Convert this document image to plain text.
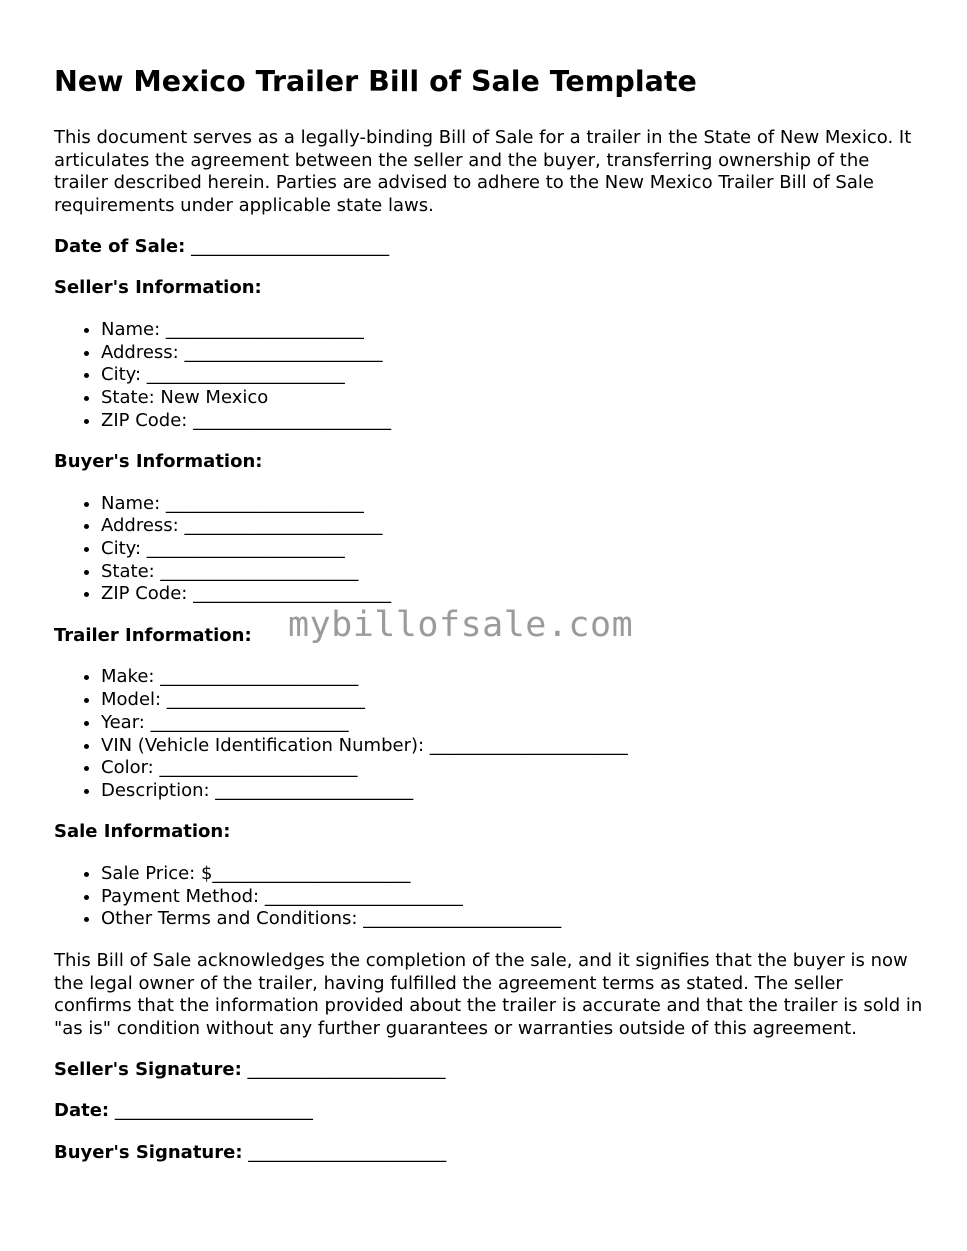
New Mexico Trailer Bill of Sale Template

This document serves as a legally-binding Bill of Sale for a trailer in the State of New Mexico. It articulates the agreement between the seller and the buyer, transferring ownership of the trailer described herein. Parties are advised to adhere to the New Mexico Trailer Bill of Sale requirements under applicable state laws.

Date of Sale: ______________________
Seller's Information:
• Name: ______________________
• Address: ______________________
• City: ______________________
• State: New Mexico
• ZIP Code: ______________________
Buyer's Information:
• Name: ______________________
• Address: ______________________
• City: ______________________
• State: ______________________
• ZIP Code: ______________________
Trailer Information:
• Make: ______________________
• Model: ______________________
• Year: ______________________
• VIN (Vehicle Identification Number): ______________________
• Color: ______________________
• Description: ______________________
Sale Information:
• Sale Price: $______________________
• Payment Method: ______________________
• Other Terms and Conditions: ______________________

This Bill of Sale acknowledges the completion of the sale, and it signifies that the buyer is now the legal owner of the trailer, having fulfilled the agreement terms as stated. The seller confirms that the information provided about the trailer is accurate and that the trailer is sold in "as is" condition without any further guarantees or warranties outside of this agreement.

Seller's Signature: ______________________
Date: ______________________
Buyer's Signature: ______________________
mybillofsale.com
